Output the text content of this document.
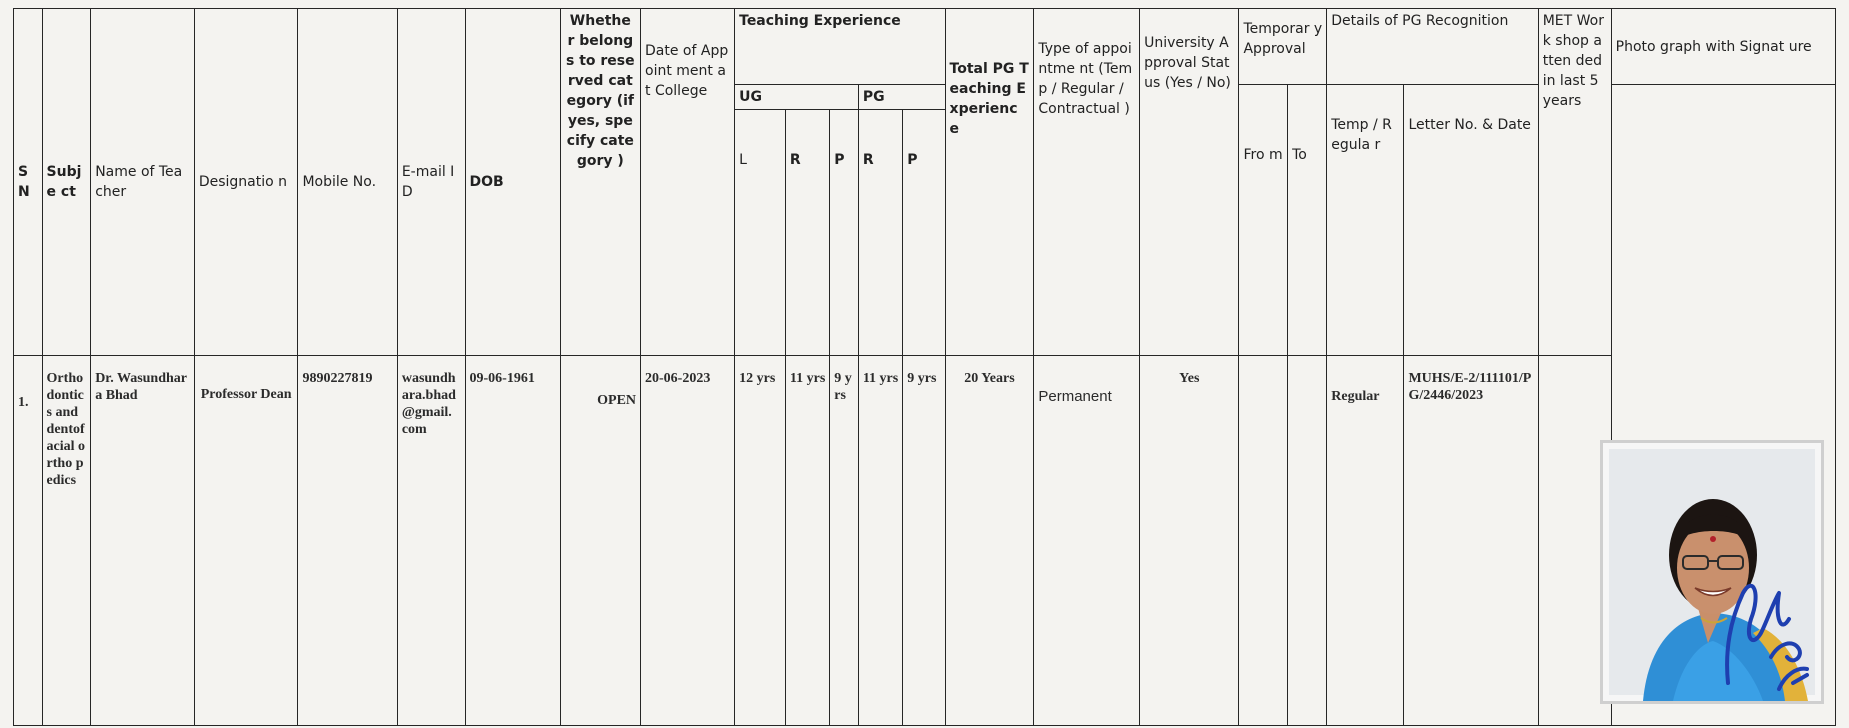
SN	Subje ct	Name of Teacher	Designatio n	Mobile No.	E-mail ID	DOB	Whethe r belongs to reserved category (if yes, specify category )	Date of Appoint ment at College	Teaching Experience					Total PG Teaching Experienc e	Type of appointme nt (Temp / Regular / Contractual )	University Approval Status (Yes / No)	Temporar y Approval		Details of PG Recognition		MET Work shop atten ded in last 5 years	Photo graph with Signat ure
									UG			PG					Fro m	To	Temp / Regula r	Letter No. & Date		
									L	R	P	R	P									
1.	Ortho dontic s and dentof acial ortho pedics	Dr. Wasundhar a Bhad	Professor Dean	9890227819	wasundh ara.bhad @gmail. com	09-06-1961	OPEN	20-06-2023	12 yrs	11 yrs	9 yrs	11 yrs	9 yrs	20 Years	Permanent	Yes			Regular	MUHS/E-2/111101/PG/2446/2023		
